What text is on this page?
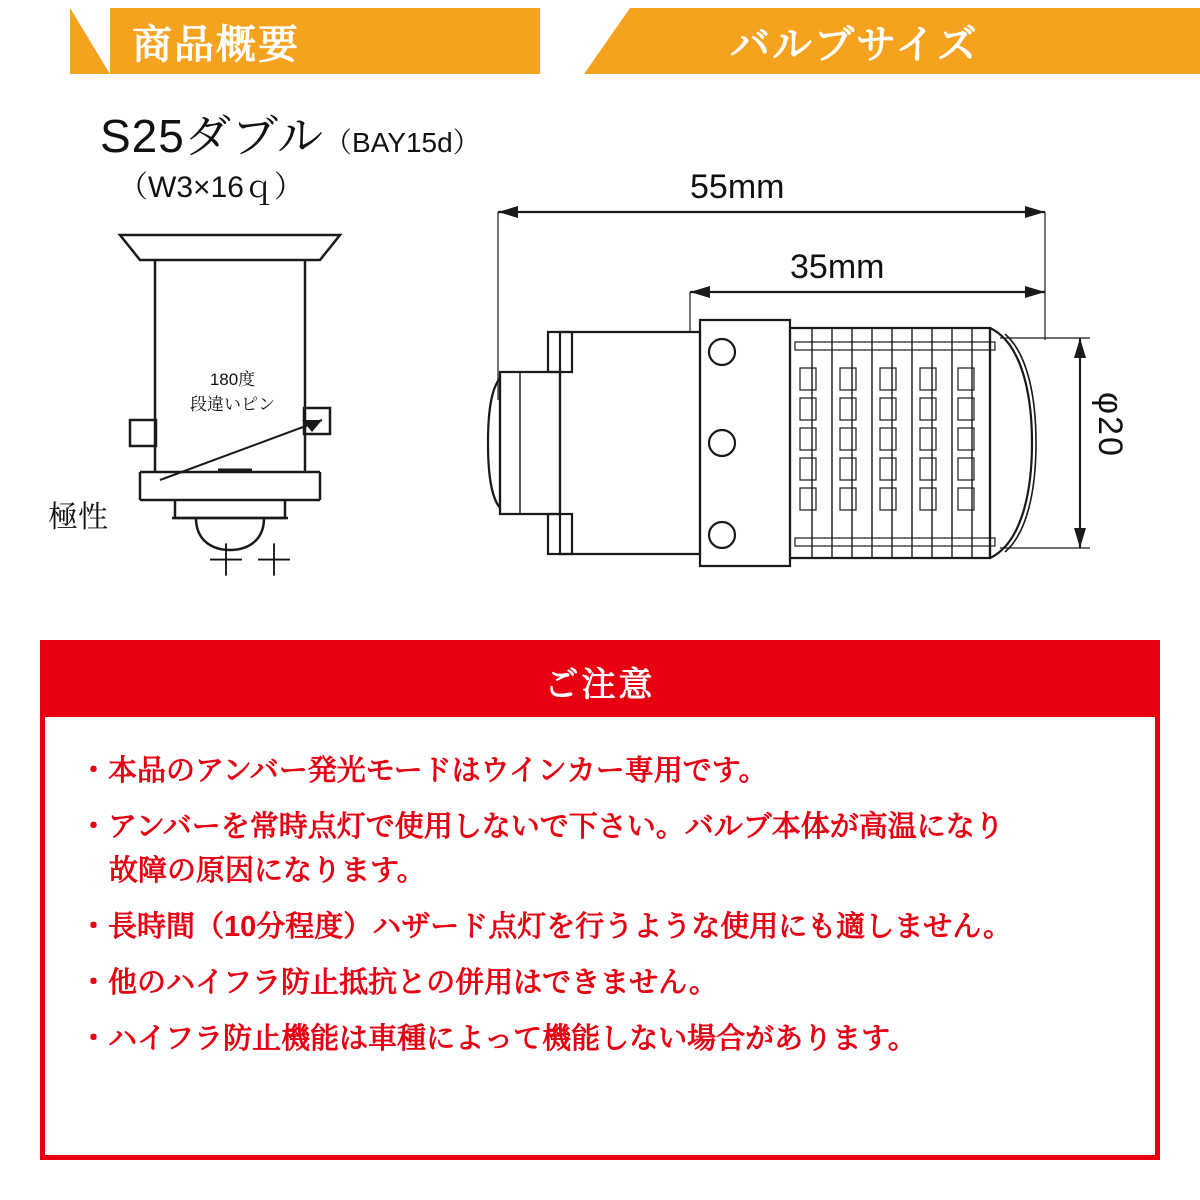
商品概要	バルブサイズ
S25ダブル（BAY15d）
（W3×16ｑ）
180度
段違いピン
極性
＋＋
55mm
35mm
φ20
ご注意
・本品のアンバー発光モードはウインカー専用です。
・アンバーを常時点灯で使用しないで下さい。バルブ本体が高温になり
故障の原因になります。
・長時間（10分程度）ハザード点灯を行うような使用にも適しません。
・他のハイフラ防止抵抗との併用はできません。
・ハイフラ防止機能は車種によって機能しない場合があります。
